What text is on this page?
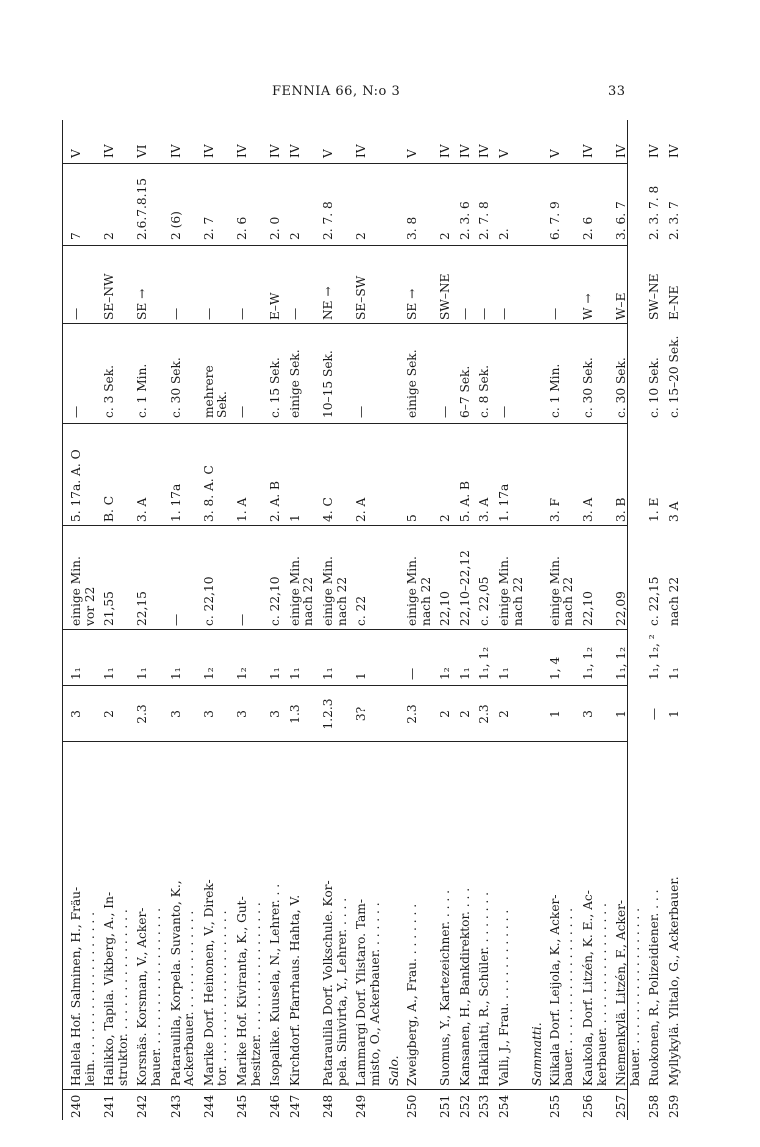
FENNIA 66, N:o 3	33
240
Hallela Hof. Salminen, H., Fräu- lein. . . . . . . . . . . . . . . . . . . .
3
1₁
einige Min. vor 22
5. 17a. A. O
—
—
7
V
241
Halikko, Tapila. Vikberg, A., In- struktor. . . . . . . . . . . . . . . . .
2
1₁
21,55
B. C
c. 3 Sek.
SE–NW
2
IV
242
Korsnäs. Korsman, V., Acker- bauer. . . . . . . . . . . . . . . . . . .
2.3
1₁
22,15
3. A
c. 1 Min.
SE →
2.6.7.8.15
VI
243
Pataraulila, Korpela. Suvanto, K., Ackerbauer. . . . . . . . . . . . . .
3
1₁
—
1. 17a
c. 30 Sek.
—
2 (6)
IV
244
Marike Dorf. Heinonen, V., Direk- tor. . . . . . . . . . . . . . . . . . . . .
3
1₂
c. 22,10
3. 8. A. C
mehrere Sek.
—
2. 7
IV
245
Marike Hof. Kiviranta, K., Gut- besitzer. . . . . . . . . . . . . . . . . .
3
1₂
—
1. A
—
—
2. 6
IV
246
Isopalike. Kuusela, N., Lehrer. . .
3
1₁
c. 22,10
2. A. B
c. 15 Sek.
E–W
2. 0
IV
247
Kirchdorf. Pfarrhaus. Hahta, V.
1.3
1₁
einige Min. nach 22
1
einige Sek.
—
2
IV
248
Pataraulila Dorf. Volkschule. Kor- pela. Sinivirta, Y., Lehrer. . . . .
1.2.3
1₁
einige Min. nach 22
4. C
10–15 Sek.
NE →
2. 7. 8
V
249
Lammargi Dorf. Ylistaro. Tam- misto, O., Ackerbauer. . . . . . .
3?
1
c. 22
2. A
—
SE–SW
2
IV
Salo.
250
Zweigberg, A., Frau. . . . . . . .
2.3
—
einige Min. nach 22
5
einige Sek.
SE →
3. 8
V
251
Suomus, Y., Kartezeichner. . . . .
2
1₂
22,10
2
—
SW–NE
2
IV
252
Kansanen, H., Bankdirektor. . . .
2
1₁
22,10–22,12
5. A. B
6–7 Sek.
—
2. 3. 6
IV
253
Halkilahti, R., Schüler. . . . . . . .
2.3
1₁, 1₂
c. 22,05
3. A
c. 8 Sek.
—
2. 7. 8
IV
254
Valli, J., Frau. . . . . . . . . . . . .
2
1₁
einige Min. nach 22
1. 17a
—
—
2.
V
Sammatti.
255
Kiikala Dorf. Leijola, K., Acker- bauer. . . . . . . . . . . . . . . . . . .
1
1, 4
einige Min. nach 22
3. F
c. 1 Min.
—
6. 7. 9
V
256
Kaukola, Dorf. Litzén, K. E., Ac- kerbauer. . . . . . . . . . . . . . . . .
3
1₁, 1₂
22,10
3. A
c. 30 Sek.
W →
2. 6
IV
257
Niemenkylä. Litzén, F., Acker- bauer. . . . . . . . . . . . . . . . . . .
1
1₁, 1₂
22,09
3. B
c. 30 Sek.
W–E
3. 6. 7
IV
258
Ruokonen, R., Polizeidiener. . . .
—
1₁, 1₂, ²
c. 22,15
1. E
c. 10 Sek.
SW–NE
2. 3. 7. 8
IV
259
Myllykylä. Ylitalo, G., Ackerbauer.
1
1₁
nach 22
3 A
c. 15–20 Sek.
E–NE
2. 3. 7
IV
